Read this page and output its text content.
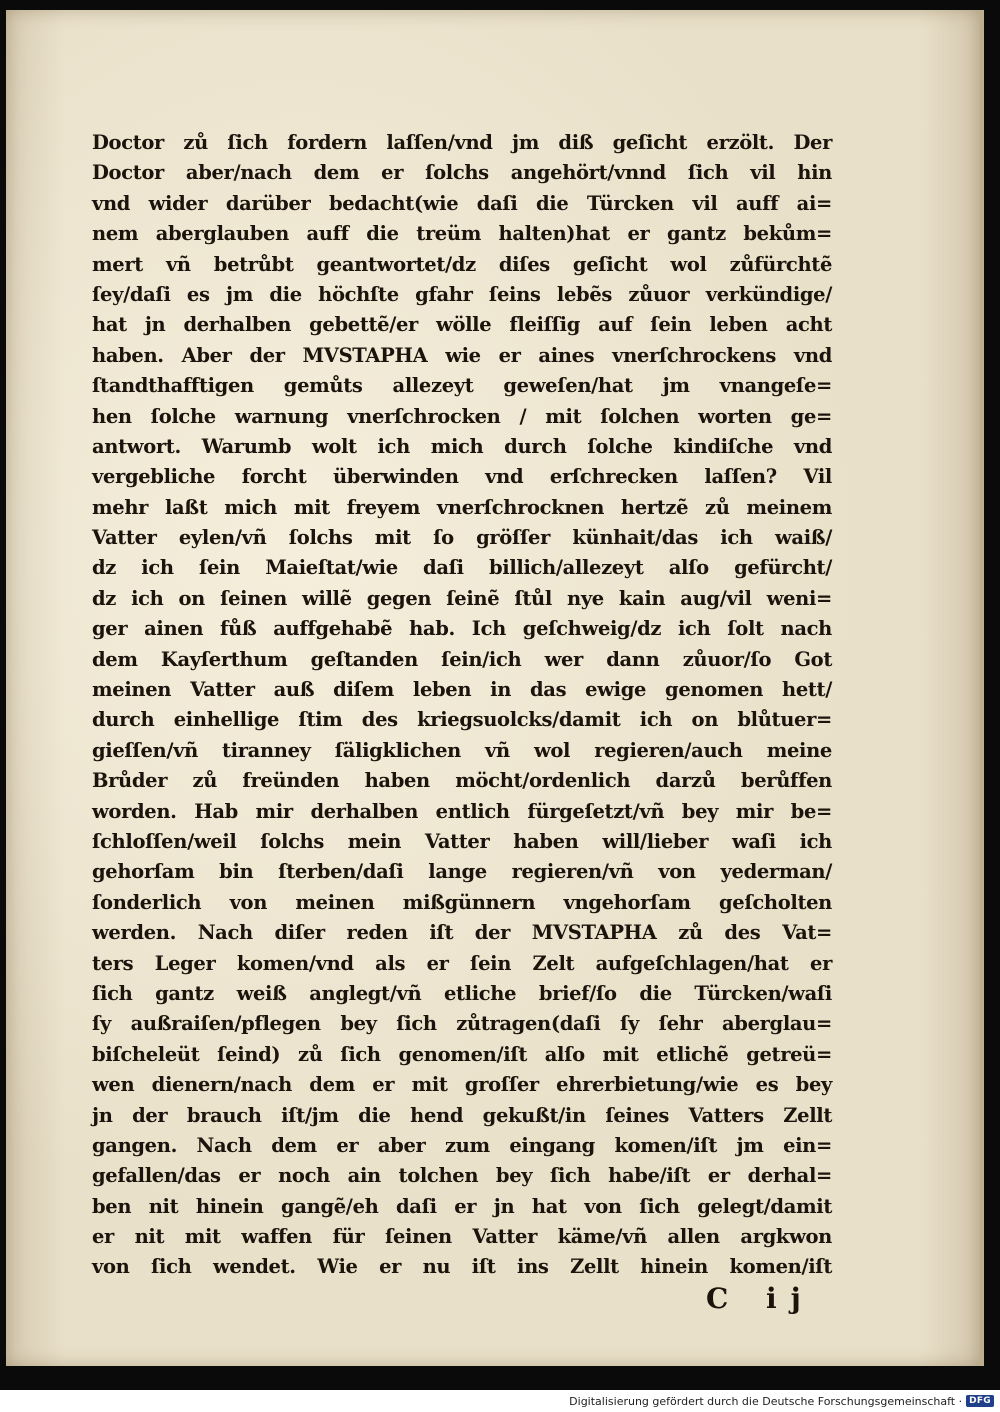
Doctor zů ſich fordern laſſen/vnd jm diß geſicht erzölt. Der
Doctor aber/nach dem er ſolchs angehört/vnnd ſich vil hin
vnd wider darüber bedacht(wie daſi die Türcken vil auff ai=
nem aberglauben auff die treüm halten)hat er gantz bekům=
mert vñ betrůbt geantwortet/dz diſes geſicht wol zůfürchtẽ
ſey/daſi es jm die höchſte gfahr ſeins lebẽs zůuor verkündige/
hat jn derhalben gebettẽ/er wölle fleiſſig auf ſein leben acht
haben. Aber der MVSTAPHA wie er aines vnerſchrockens vnd
ſtandthafftigen gemůts allezeyt geweſen/hat jm vnangeſe=
hen ſolche warnung vnerſchrocken / mit ſolchen worten ge=
antwort. Warumb wolt ich mich durch ſolche kindiſche vnd
vergebliche forcht überwinden vnd erſchrecken laſſen? Vil
mehr laßt mich mit freyem vnerſchrocknen hertzẽ zů meinem
Vatter eylen/vñ ſolchs mit ſo gröſſer künhait/das ich waiß/
dz ich ſein Maieſtat/wie daſi billich/allezeyt alſo gefürcht/
dz ich on ſeinen willẽ gegen ſeinẽ ſtůl nye kain aug/vil weni=
ger ainen fůß auffgehabẽ hab. Ich geſchweig/dz ich ſolt nach
dem Kayſerthum geſtanden ſein/ich wer dann zůuor/ſo Got
meinen Vatter auß diſem leben in das ewige genomen hett/
durch einhellige ſtim des kriegsuolcks/damit ich on blůtuer=
gieſſen/vñ tiranney ſäligklichen vñ wol regieren/auch meine
Brůder zů freünden haben möcht/ordenlich darzů berůffen
worden. Hab mir derhalben entlich fürgeſetzt/vñ bey mir be=
ſchloſſen/weil ſolchs mein Vatter haben will/lieber waſi ich
gehorſam bin ſterben/daſi lange regieren/vñ von yederman/
ſonderlich von meinen mißgünnern vngehorſam geſcholten
werden. Nach diſer reden iſt der MVSTAPHA zů des Vat=
ters Leger komen/vnd als er ſein Zelt aufgeſchlagen/hat er
ſich gantz weiß anglegt/vñ etliche brief/ſo die Türcken/waſi
ſy außraiſen/pflegen bey ſich zůtragen(daſi ſy ſehr aberglau=
biſcheleüt ſeind) zů ſich genomen/iſt alſo mit etlichẽ getreü=
wen dienern/nach dem er mit groſſer ehrerbietung/wie es bey
jn der brauch iſt/jm die hend gekußt/in ſeines Vatters Zellt
gangen. Nach dem er aber zum eingang komen/iſt jm ein=
gefallen/das er noch ain tolchen bey ſich habe/iſt er derhal=
ben nit hinein gangẽ/eh daſi er jn hat von ſich gelegt/damit
er nit mit waffen für ſeinen Vatter käme/vñ allen argkwon
von ſich wendet. Wie er nu iſt ins Zellt hinein komen/iſt
C ij
Digitalisierung gefördert durch die Deutsche Forschungsgemeinschaft · DFG
